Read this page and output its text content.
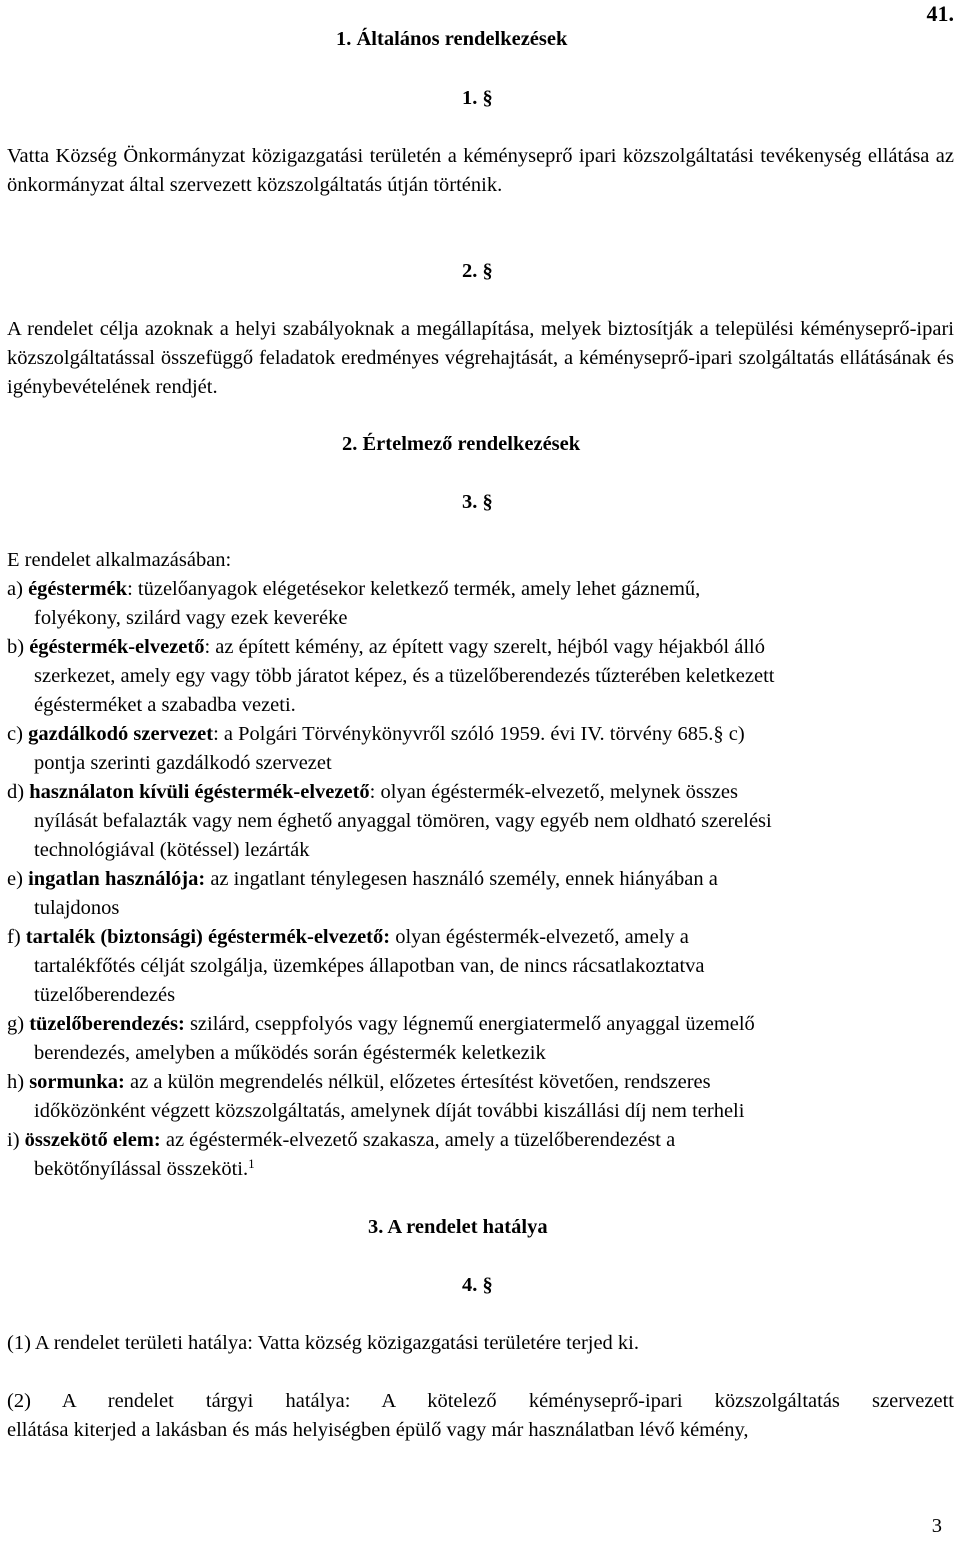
41.
1. Általános rendelkezések
1. §
Vatta Község Önkormányzat közigazgatási területén a kéményseprő ipari közszolgáltatási tevékenység ellátása az önkormányzat által szervezett közszolgáltatás útján történik.
2. §
A rendelet célja azoknak a helyi szabályoknak a megállapítása, melyek biztosítják a települési kéményseprő-ipari közszolgáltatással összefüggő feladatok eredményes végrehajtását, a kéményseprő-ipari szolgáltatás ellátásának és igénybevételének rendjét.
2. Értelmező rendelkezések
3. §
E rendelet alkalmazásában:
a) égéstermék: tüzelőanyagok elégetésekor keletkező termék, amely lehet gáznemű,
folyékony, szilárd vagy ezek keveréke
b) égéstermék-elvezető: az épített kémény, az épített vagy szerelt, héjból vagy héjakból álló
szerkezet, amely egy vagy több járatot képez, és a tüzelőberendezés tűzterében keletkezett
égésterméket a szabadba vezeti.
c) gazdálkodó szervezet: a Polgári Törvénykönyvről szóló 1959. évi IV. törvény 685.§ c)
pontja szerinti gazdálkodó szervezet
d) használaton kívüli égéstermék-elvezető: olyan égéstermék-elvezető, melynek összes
nyílását befalazták vagy nem éghető anyaggal tömören, vagy egyéb nem oldható szerelési
technológiával (kötéssel) lezárták
e) ingatlan használója: az ingatlant ténylegesen használó személy, ennek hiányában a
tulajdonos
f) tartalék (biztonsági) égéstermék-elvezető: olyan égéstermék-elvezető, amely a
tartalékfőtés célját szolgálja, üzemképes állapotban van, de nincs rácsatlakoztatva
tüzelőberendezés
g) tüzelőberendezés: szilárd, cseppfolyós vagy légnemű energiatermelő anyaggal üzemelő
berendezés, amelyben a működés során égéstermék keletkezik
h) sormunka: az a külön megrendelés nélkül, előzetes értesítést követően, rendszeres
időközönként végzett közszolgáltatás, amelynek díját további kiszállási díj nem terheli
i) összekötő elem: az égéstermék-elvezető szakasza, amely a tüzelőberendezést a
bekötőnyílással összeköti.$^1$
3. A rendelet hatálya
4. §
(1) A rendelet területi hatálya: Vatta község közigazgatási területére terjed ki.
(2) A rendelet tárgyi hatálya: A kötelező kéményseprő-ipari közszolgáltatás szervezett
ellátása kiterjed a lakásban és más helyiségben épülő vagy már használatban lévő kémény,
3
